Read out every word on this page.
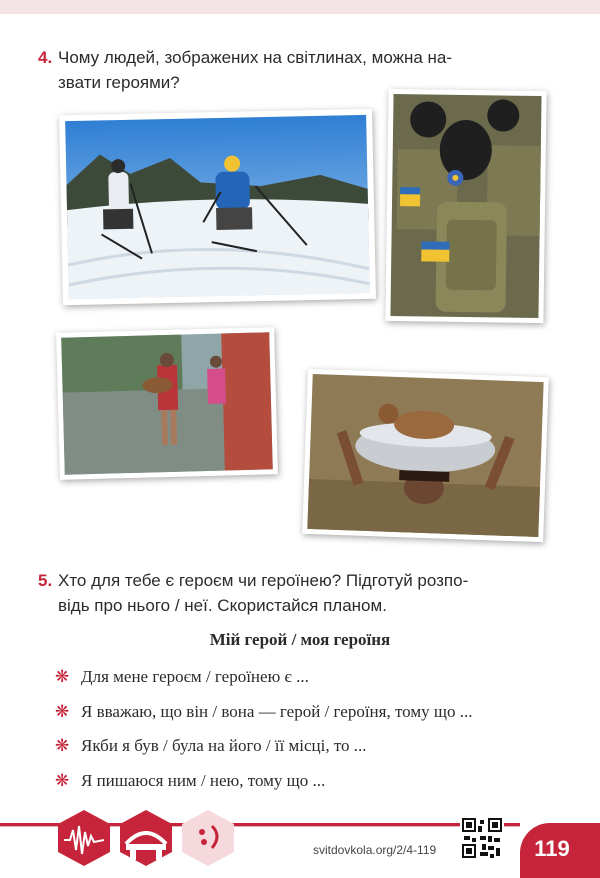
4. Чому людей, зображених на світлинах, можна на-
звати героями?
5. Хто для тебе є героєм чи героїнею? Підготуй розпо-
відь про нього / неї. Скористайся планом.
Мій герой / моя героїня
❋ Для мене героєм / героїнею є ...
❋ Я вважаю, що він / вона — герой / героїня, тому що ...
❋ Якби я був / була на його / її місці, то ...
❋ Я пишаюся ним / нею, тому що ...
svitdovkola.org/2/4-119	119
